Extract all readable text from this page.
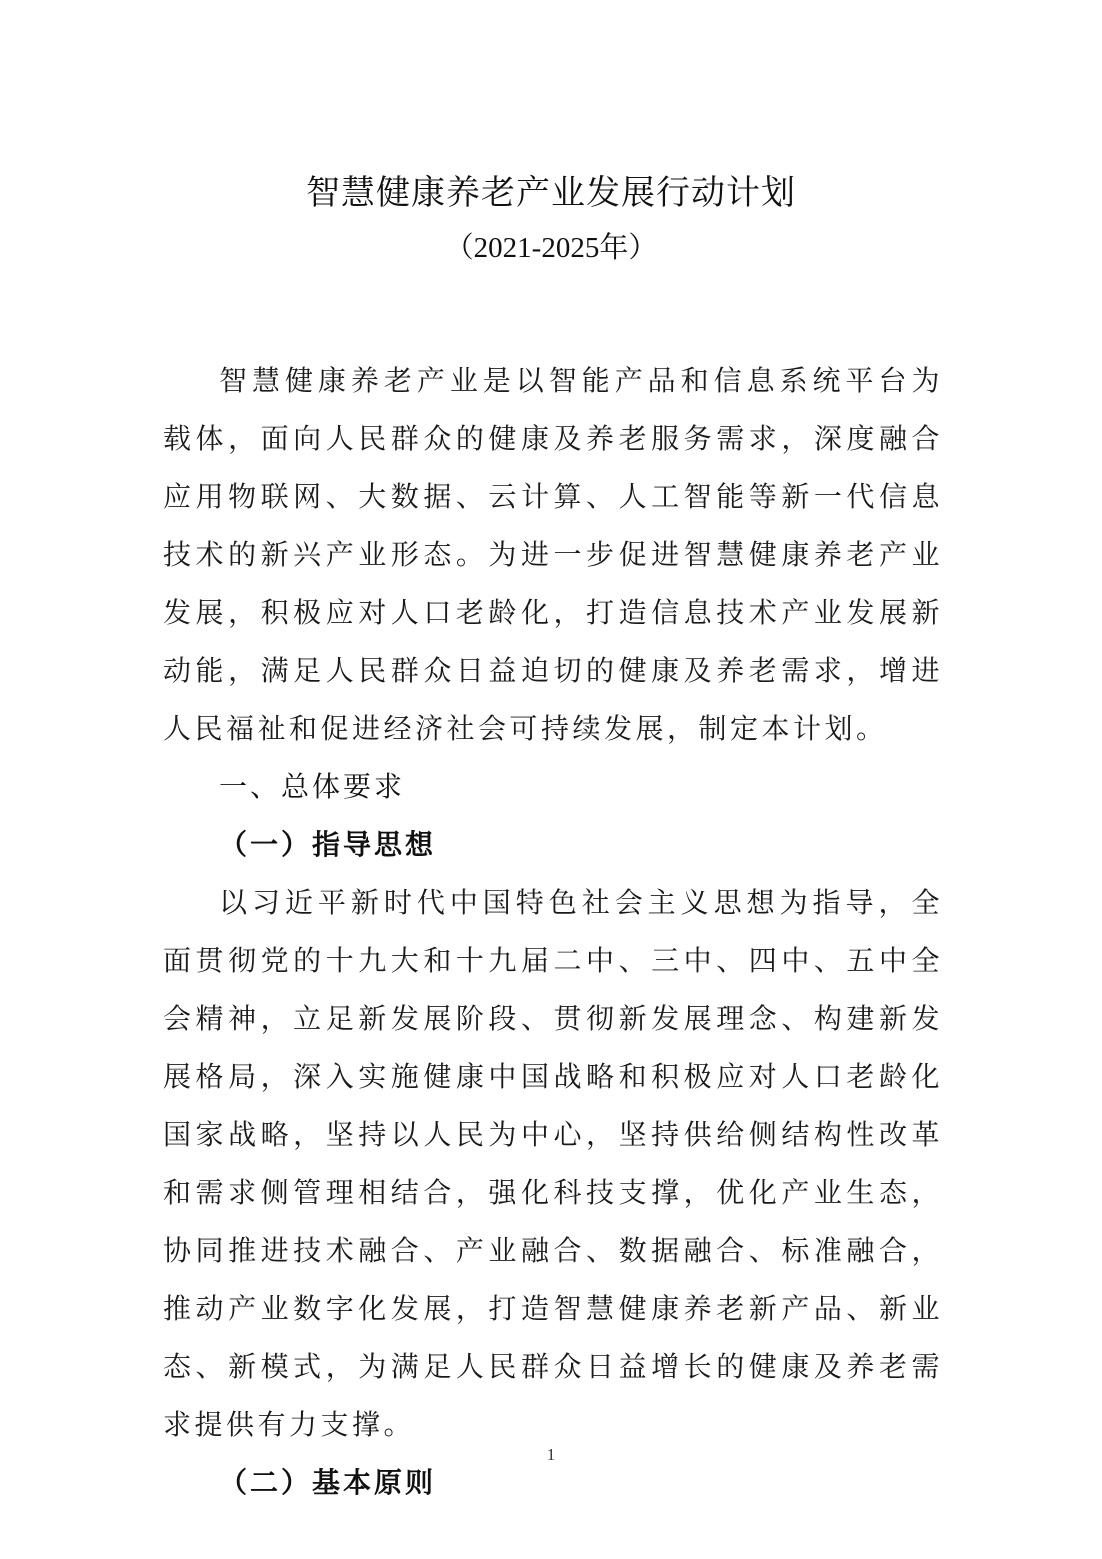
智慧健康养老产业发展行动计划
（2021-2025年）

智慧健康养老产业是以智能产品和信息系统平台为载体，面向人民群众的健康及养老服务需求，深度融合应用物联网、大数据、云计算、人工智能等新一代信息技术的新兴产业形态。为进一步促进智慧健康养老产业发展，积极应对人口老龄化，打造信息技术产业发展新动能，满足人民群众日益迫切的健康及养老需求，增进人民福祉和促进经济社会可持续发展，制定本计划。

一、总体要求

（一）指导思想

以习近平新时代中国特色社会主义思想为指导，全面贯彻党的十九大和十九届二中、三中、四中、五中全会精神，立足新发展阶段、贯彻新发展理念、构建新发展格局，深入实施健康中国战略和积极应对人口老龄化国家战略，坚持以人民为中心，坚持供给侧结构性改革和需求侧管理相结合，强化科技支撑，优化产业生态，协同推进技术融合、产业融合、数据融合、标准融合，推动产业数字化发展，打造智慧健康养老新产品、新业态、新模式，为满足人民群众日益增长的健康及养老需求提供有力支撑。

（二）基本原则

1
